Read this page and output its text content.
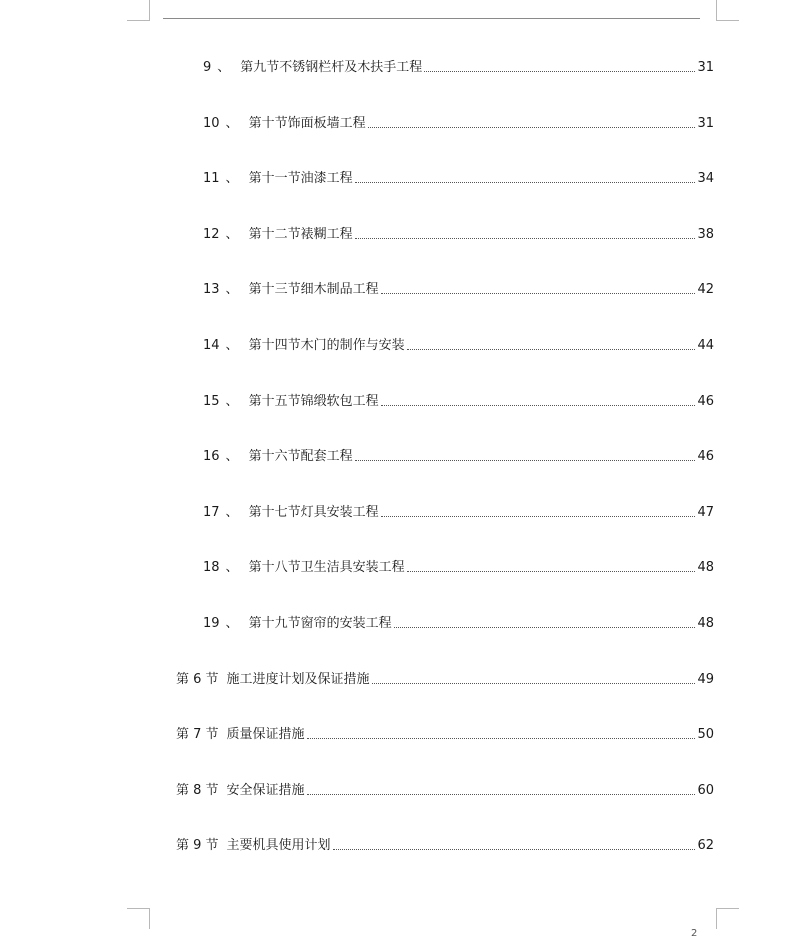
9 、 第九节不锈钢栏杆及木扶手工程	31
10 、 第十节饰面板墙工程	31
11 、 第十一节油漆工程	34
12 、 第十二节裱糊工程	38
13 、 第十三节细木制品工程	42
14 、 第十四节木门的制作与安装	44
15 、 第十五节锦缎软包工程	46
16 、 第十六节配套工程	46
17 、 第十七节灯具安装工程	47
18 、 第十八节卫生洁具安装工程	48
19 、 第十九节窗帘的安装工程	48
第 6 节 施工进度计划及保证措施	49
第 7 节 质量保证措施	50
第 8 节 安全保证措施	60
第 9 节 主要机具使用计划	62
2
